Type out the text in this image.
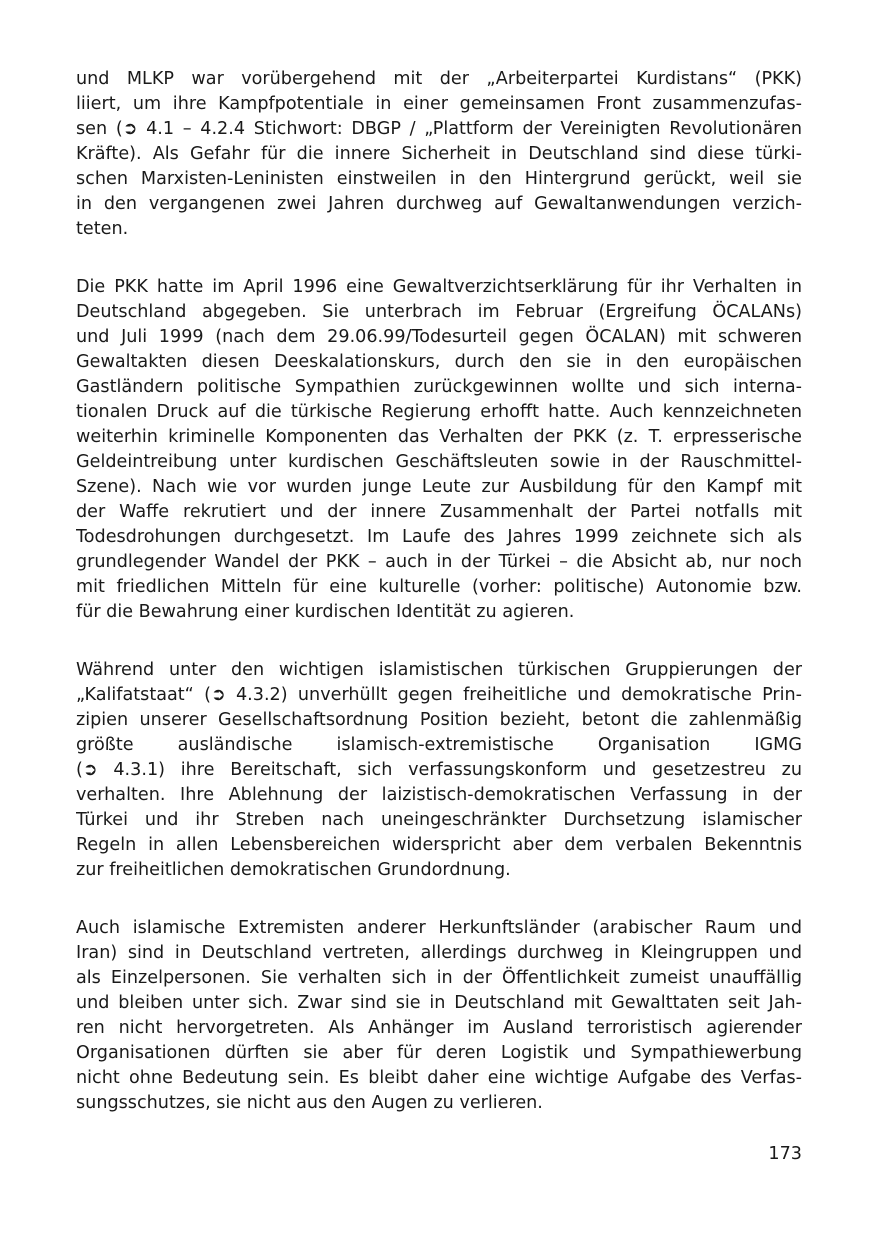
und MLKP war vorübergehend mit der „Arbeiterpartei Kurdistans“ (PKK)
liiert, um ihre Kampfpotentiale in einer gemeinsamen Front zusammenzufas-
sen (➲ 4.1 – 4.2.4 Stichwort: DBGP / „Plattform der Vereinigten Revolutionären
Kräfte). Als Gefahr für die innere Sicherheit in Deutschland sind diese türki-
schen Marxisten-Leninisten einstweilen in den Hintergrund gerückt, weil sie
in den vergangenen zwei Jahren durchweg auf Gewaltanwendungen verzich-
teten.
Die PKK hatte im April 1996 eine Gewaltverzichtserklärung für ihr Verhalten in
Deutschland abgegeben. Sie unterbrach im Februar (Ergreifung ÖCALANs)
und Juli 1999 (nach dem 29.06.99/Todesurteil gegen ÖCALAN) mit schweren
Gewaltakten diesen Deeskalationskurs, durch den sie in den europäischen
Gastländern politische Sympathien zurückgewinnen wollte und sich interna-
tionalen Druck auf die türkische Regierung erhofft hatte. Auch kennzeichneten
weiterhin kriminelle Komponenten das Verhalten der PKK (z. T. erpresserische
Geldeintreibung unter kurdischen Geschäftsleuten sowie in der Rauschmittel-
Szene). Nach wie vor wurden junge Leute zur Ausbildung für den Kampf mit
der Waffe rekrutiert und der innere Zusammenhalt der Partei notfalls mit
Todesdrohungen durchgesetzt. Im Laufe des Jahres 1999 zeichnete sich als
grundlegender Wandel der PKK – auch in der Türkei – die Absicht ab, nur noch
mit friedlichen Mitteln für eine kulturelle (vorher: politische) Autonomie bzw.
für die Bewahrung einer kurdischen Identität zu agieren.
Während unter den wichtigen islamistischen türkischen Gruppierungen der
„Kalifatstaat“ (➲ 4.3.2) unverhüllt gegen freiheitliche und demokratische Prin-
zipien unserer Gesellschaftsordnung Position bezieht, betont die zahlenmäßig
größte ausländische islamisch-extremistische Organisation IGMG
(➲ 4.3.1) ihre Bereitschaft, sich verfassungskonform und gesetzestreu zu
verhalten. Ihre Ablehnung der laizistisch-demokratischen Verfassung in der
Türkei und ihr Streben nach uneingeschränkter Durchsetzung islamischer
Regeln in allen Lebensbereichen widerspricht aber dem verbalen Bekenntnis
zur freiheitlichen demokratischen Grundordnung.
Auch islamische Extremisten anderer Herkunftsländer (arabischer Raum und
Iran) sind in Deutschland vertreten, allerdings durchweg in Kleingruppen und
als Einzelpersonen. Sie verhalten sich in der Öffentlichkeit zumeist unauffällig
und bleiben unter sich. Zwar sind sie in Deutschland mit Gewalttaten seit Jah-
ren nicht hervorgetreten. Als Anhänger im Ausland terroristisch agierender
Organisationen dürften sie aber für deren Logistik und Sympathiewerbung
nicht ohne Bedeutung sein. Es bleibt daher eine wichtige Aufgabe des Verfas-
sungsschutzes, sie nicht aus den Augen zu verlieren.
173
